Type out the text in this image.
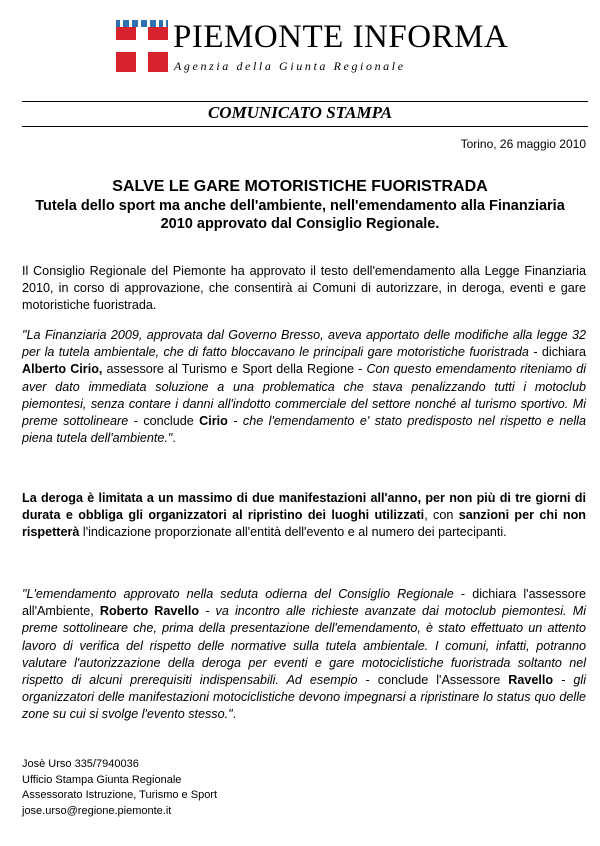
PIEMONTE INFORMA
Agenzia della Giunta Regionale
COMUNICATO STAMPA
Torino, 26 maggio 2010
SALVE LE GARE MOTORISTICHE FUORISTRADA
Tutela dello sport ma anche dell'ambiente, nell'emendamento alla Finanziaria 2010 approvato dal Consiglio Regionale.
Il Consiglio Regionale del Piemonte ha approvato il testo dell'emendamento alla Legge Finanziaria 2010, in corso di approvazione, che consentirà ai Comuni di autorizzare, in deroga, eventi e gare motoristiche fuoristrada.
"La Finanziaria 2009, approvata dal Governo Bresso, aveva apportato delle modifiche alla legge 32 per la tutela ambientale, che di fatto bloccavano le principali gare motoristiche fuoristrada - dichiara Alberto Cirio, assessore al Turismo e Sport della Regione - Con questo emendamento riteniamo di aver dato immediata soluzione a una problematica che stava penalizzando tutti i motoclub piemontesi, senza contare i danni all'indotto commerciale del settore nonché al turismo sportivo. Mi preme sottolineare - conclude Cirio - che l'emendamento e' stato predisposto nel rispetto e nella piena tutela dell'ambiente.".
La deroga è limitata a un massimo di due manifestazioni all'anno, per non più di tre giorni di durata e obbliga gli organizzatori al ripristino dei luoghi utilizzati, con sanzioni per chi non rispetterà l'indicazione proporzionate all'entità dell'evento e al numero dei partecipanti.
"L'emendamento approvato nella seduta odierna del Consiglio Regionale - dichiara l'assessore all'Ambiente, Roberto Ravello - va incontro alle richieste avanzate dai motoclub piemontesi. Mi preme sottolineare che, prima della presentazione dell'emendamento, è stato effettuato un attento lavoro di verifica del rispetto delle normative sulla tutela ambientale. I comuni, infatti, potranno valutare l'autorizzazione della deroga per eventi e gare motociclistiche fuoristrada soltanto nel rispetto di alcuni prerequisiti indispensabili. Ad esempio - conclude l'Assessore Ravello - gli organizzatori delle manifestazioni motociclistiche devono impegnarsi a ripristinare lo status quo delle zone su cui si svolge l'evento stesso.".
Josè Urso 335/7940036
Ufficio Stampa Giunta Regionale
Assessorato Istruzione, Turismo e Sport
jose.urso@regione.piemonte.it
